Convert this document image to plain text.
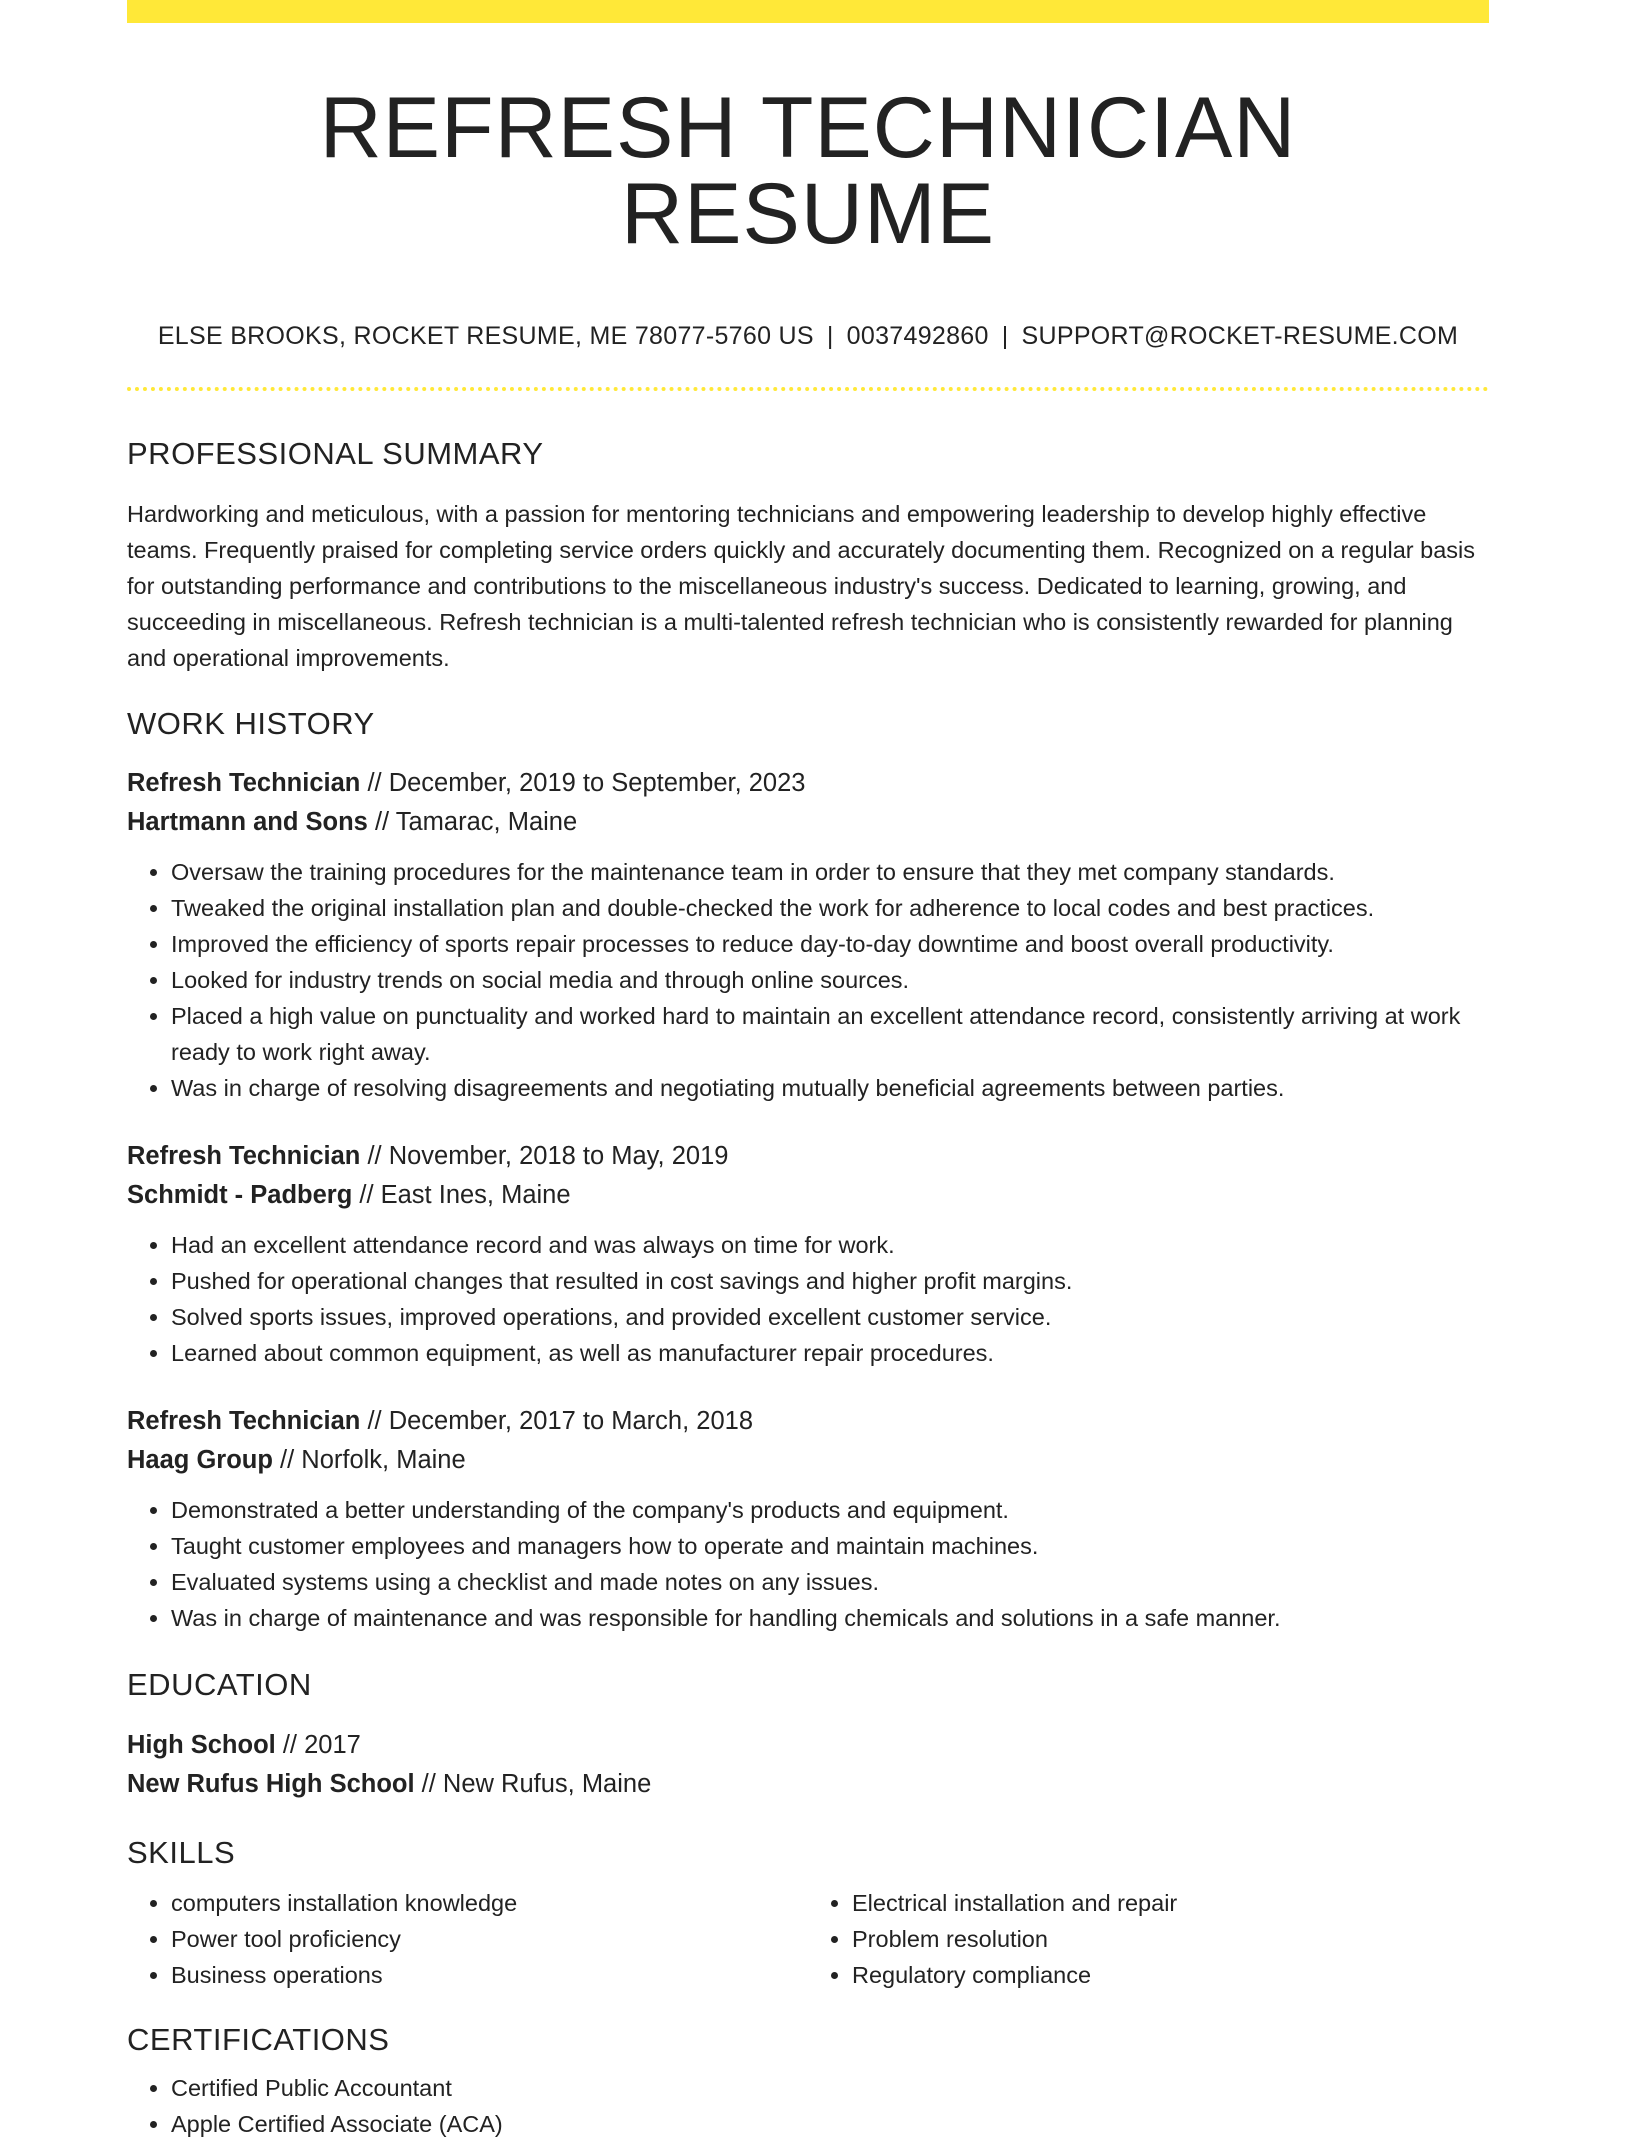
REFRESH TECHNICIAN RESUME
ELSE BROOKS, ROCKET RESUME, ME 78077-5760 US | 0037492860 | SUPPORT@ROCKET-RESUME.COM
PROFESSIONAL SUMMARY

Hardworking and meticulous, with a passion for mentoring technicians and empowering leadership to develop highly effective teams. Frequently praised for completing service orders quickly and accurately documenting them. Recognized on a regular basis for outstanding performance and contributions to the miscellaneous industry's success. Dedicated to learning, growing, and succeeding in miscellaneous. Refresh technician is a multi-talented refresh technician who is consistently rewarded for planning and operational improvements.

WORK HISTORY
Refresh Technician // December, 2019 to September, 2023
Hartmann and Sons // Tamarac, Maine
• Oversaw the training procedures for the maintenance team in order to ensure that they met company standards.
• Tweaked the original installation plan and double-checked the work for adherence to local codes and best practices.
• Improved the efficiency of sports repair processes to reduce day-to-day downtime and boost overall productivity.
• Looked for industry trends on social media and through online sources.
• Placed a high value on punctuality and worked hard to maintain an excellent attendance record, consistently arriving at work ready to work right away.
• Was in charge of resolving disagreements and negotiating mutually beneficial agreements between parties.
Refresh Technician // November, 2018 to May, 2019
Schmidt - Padberg // East Ines, Maine
• Had an excellent attendance record and was always on time for work.
• Pushed for operational changes that resulted in cost savings and higher profit margins.
• Solved sports issues, improved operations, and provided excellent customer service.
• Learned about common equipment, as well as manufacturer repair procedures.
Refresh Technician // December, 2017 to March, 2018
Haag Group // Norfolk, Maine
• Demonstrated a better understanding of the company's products and equipment.
• Taught customer employees and managers how to operate and maintain machines.
• Evaluated systems using a checklist and made notes on any issues.
• Was in charge of maintenance and was responsible for handling chemicals and solutions in a safe manner.
EDUCATION
High School // 2017
New Rufus High School // New Rufus, Maine
SKILLS
• computers installation knowledge
• Power tool proficiency
• Business operations
• Electrical installation and repair
• Problem resolution
• Regulatory compliance
CERTIFICATIONS
• Certified Public Accountant
• Apple Certified Associate (ACA)
